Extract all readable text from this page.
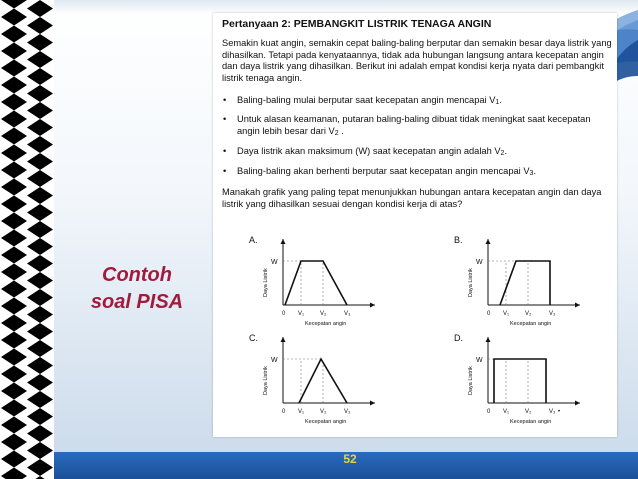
Contoh
soal PISA
Pertanyaan 2: PEMBANGKIT LISTRIK TENAGA ANGIN
Semakin kuat angin, semakin cepat baling-baling berputar dan semakin besar daya listrik yang dihasilkan. Tetapi pada kenyataannya, tidak ada hubungan langsung antara kecepatan angin dan daya listrik yang dihasilkan. Berikut ini adalah empat kondisi kerja nyata dari pembangkit listrik tenaga angin.
• Baling-baling mulai berputar saat kecepatan angin mencapai V1.
• Untuk alasan keamanan, putaran baling-baling dibuat tidak meningkat saat kecepatan angin lebih besar dari V2 .
• Daya listrik akan maksimum (W) saat kecepatan angin adalah V2.
• Baling-baling akan berhenti berputar saat kecepatan angin mencapai V3.
Manakah grafik yang paling tepat menunjukkan hubungan antara kecepatan angin dan daya listrik yang dihasilkan sesuai dengan kondisi kerja di atas?
A.
W
0 V₁	V₂	V₃
Kecepatan angin
Daya Listrik
B.
W
0 V₁	V₂	V₃
Kecepatan angin
Daya Listrik
C.
W
0 V₁	V₂	V₃
Kecepatan angin
Daya Listrik
D.
W
0 V₁	V₂	V₃
Kecepatan angin
Daya Listrik
•
52
